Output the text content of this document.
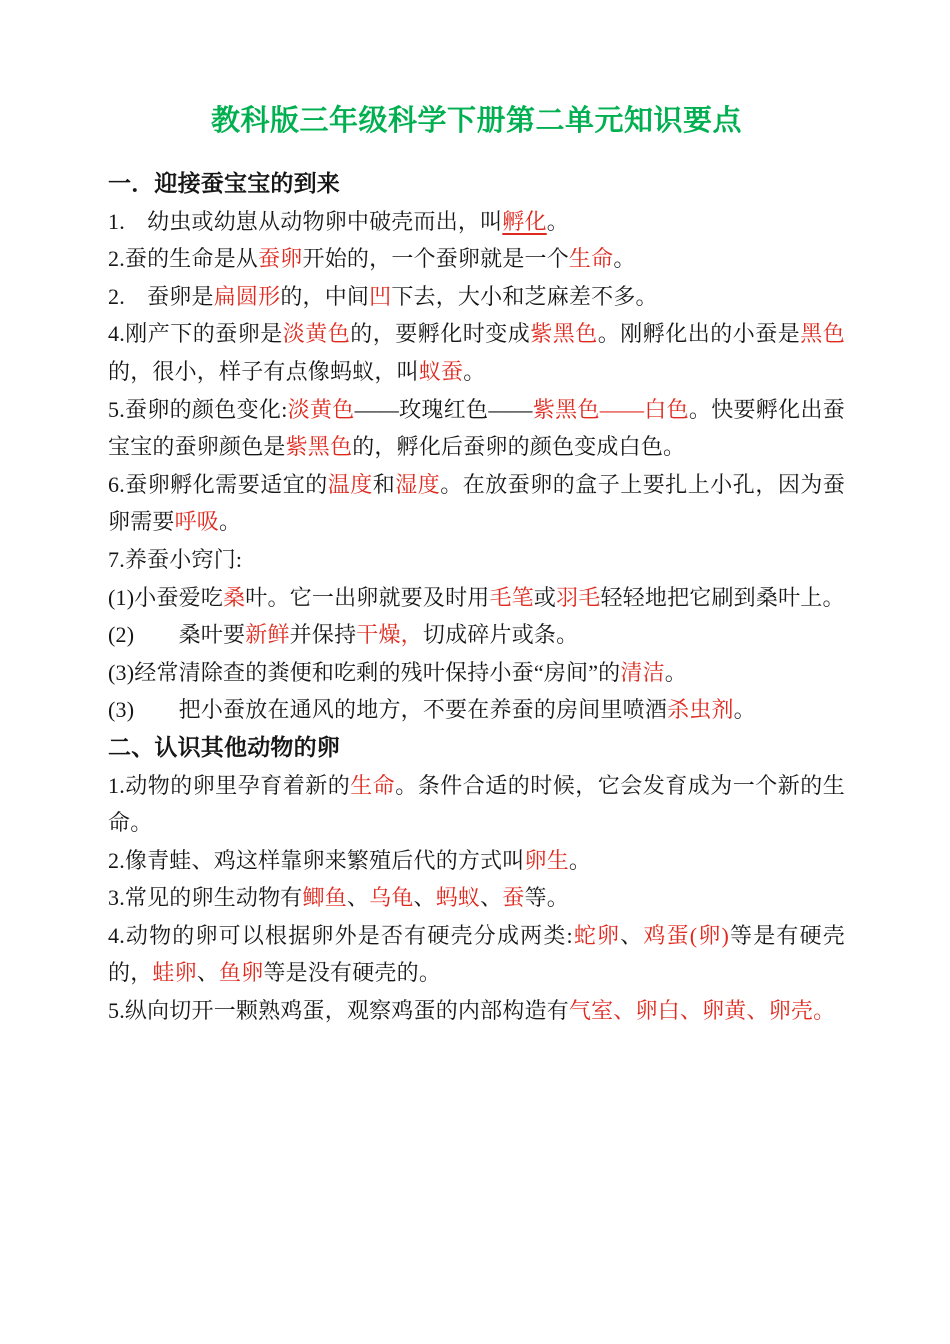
教科版三年级科学下册第二单元知识要点
一．迎接蚕宝宝的到来
1.　幼虫或幼崽从动物卵中破壳而出，叫孵化。
2.蚕的生命是从蚕卵开始的，一个蚕卵就是一个生命。
2.　蚕卵是扁圆形的，中间凹下去，大小和芝麻差不多。
4.刚产下的蚕卵是淡黄色的，要孵化时变成紫黑色。刚孵化出的小蚕是黑色的，很小，样子有点像蚂蚁，叫蚁蚕。
5.蚕卵的颜色变化:淡黄色——玫瑰红色——紫黑色——白色。快要孵化出蚕宝宝的蚕卵颜色是紫黑色的，孵化后蚕卵的颜色变成白色。
6.蚕卵孵化需要适宜的温度和湿度。在放蚕卵的盒子上要扎上小孔，因为蚕卵需要呼吸。
7.养蚕小窍门:
(1)小蚕爱吃桑叶。它一出卵就要及时用毛笔或羽毛轻轻地把它刷到桑叶上。
(2)　　桑叶要新鲜并保持干燥，切成碎片或条。
(3)经常清除查的粪便和吃剩的残叶保持小蚕“房间”的清洁。
(3)　　把小蚕放在通风的地方，不要在养蚕的房间里喷酒杀虫剂。
二、认识其他动物的卵
1.动物的卵里孕育着新的生命。条件合适的时候，它会发育成为一个新的生命。
2.像青蛙、鸡这样靠卵来繁殖后代的方式叫卵生。
3.常见的卵生动物有鲫鱼、乌龟、蚂蚁、蚕等。
4.动物的卵可以根据卵外是否有硬壳分成两类:蛇卵、鸡蛋(卵)等是有硬壳的，蛙卵、鱼卵等是没有硬壳的。
5.纵向切开一颗熟鸡蛋，观察鸡蛋的内部构造有气室、卵白、卵黄、卵壳。
